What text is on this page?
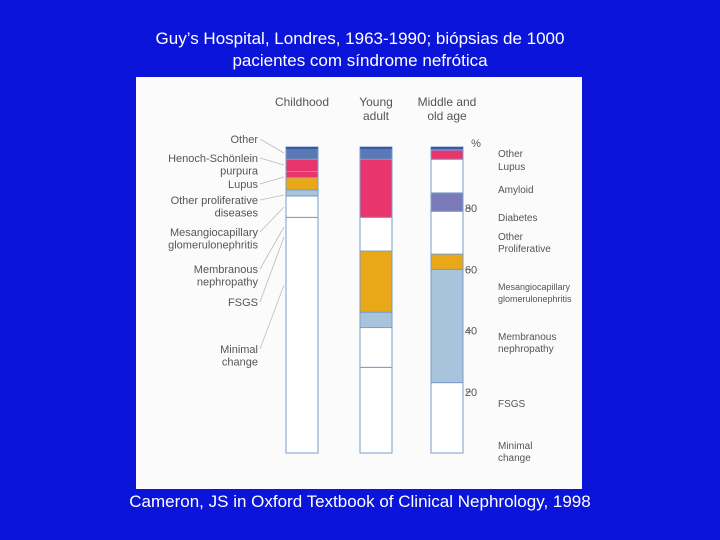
Guy’s Hospital, Londres, 1963-1990; biópsias de 1000
pacientes com síndrome nefrótica
Childhood	Young
adult
Middle and
old age
%
20
40
60
80
Other
Henoch-Schönlein
purpura
Lupus
Other proliferative
diseases
Mesangiocapillary
glomerulonephritis
Membranous
nephropathy
FSGS
Minimal
change
Other
Lupus
Amyloid
Diabetes
Other
Proliferative
Mesangiocapillary
glomerulonephritis
Membranous
nephropathy
FSGS
Minimal
change
Cameron, JS in Oxford Textbook of Clinical Nephrology, 1998
